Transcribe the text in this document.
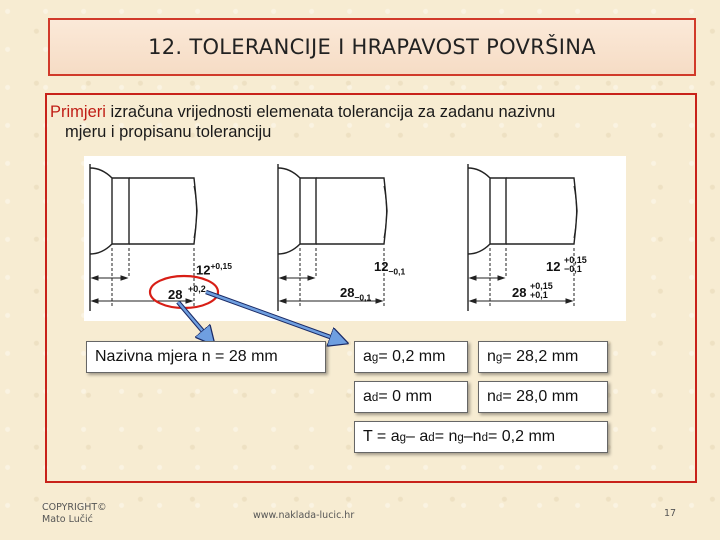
12. TOLERANCIJE I HRAPAVOST POVRŠINA
Primjeri izračuna vrijednosti elemenata tolerancija za zadanu nazivnu
mjeru i propisanu toleranciju
$12^{+0,15}$
28 +0,2
$12_{-0,1}$
$28_{-0,1}$
12 +0,15
−0,1
28 +0,15
+0,1
Nazivna mjera n = 28 mm	a g = 0,2 mm	n g = 28,2 mm
a d = 0 mm	n d = 28,0 mm
T = a g – a d = n g –n d = 0,2 mm
COPYRIGHT©
Mato Lučić	www.naklada-lucic.hr	17
